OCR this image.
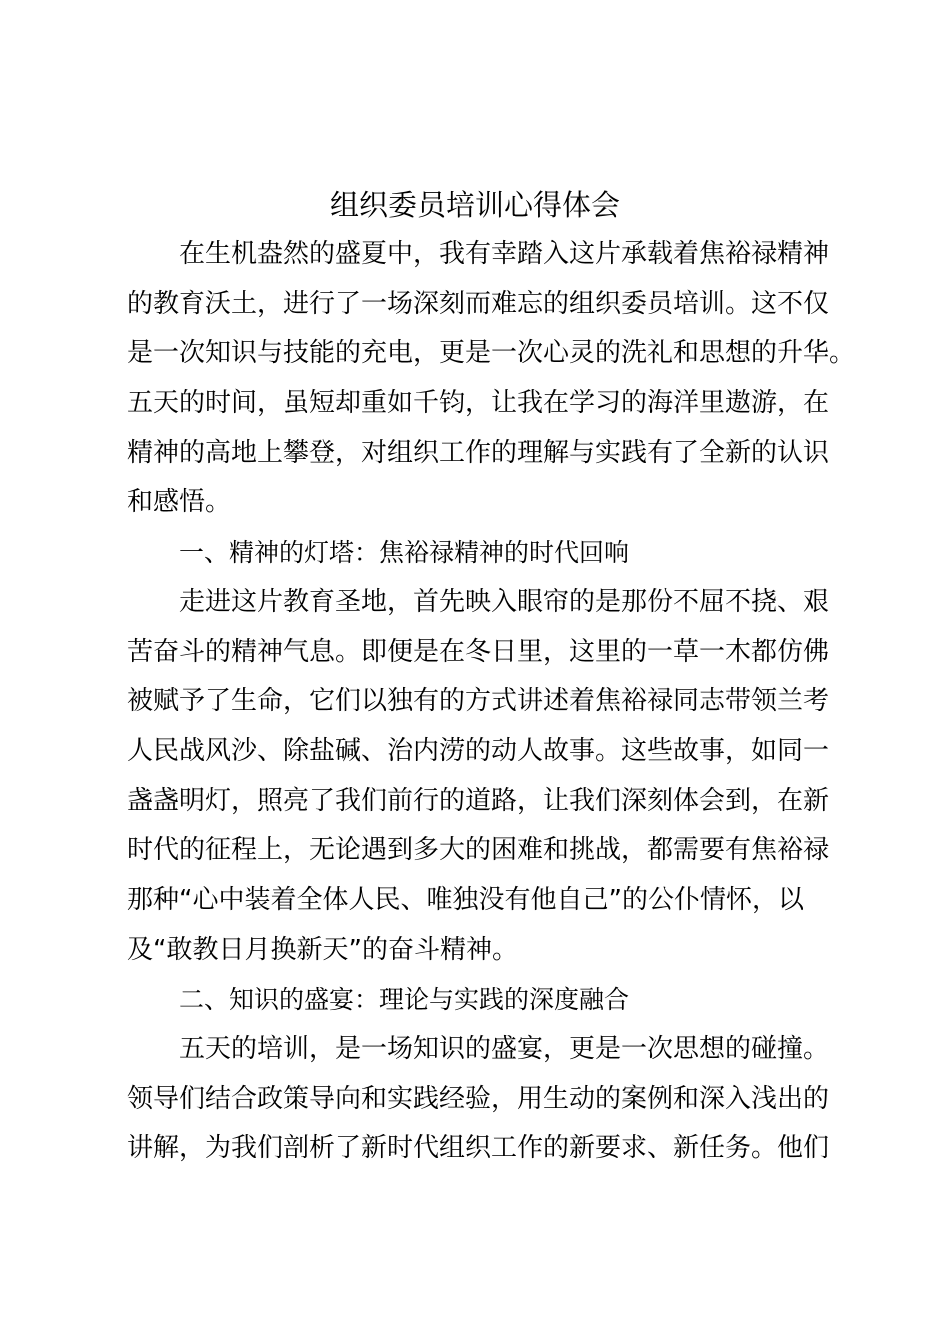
组织委员培训心得体会
在生机盎然的盛夏中，我有幸踏入这片承载着焦裕禄精神
的教育沃土，进行了一场深刻而难忘的组织委员培训。这不仅
是一次知识与技能的充电，更是一次心灵的洗礼和思想的升华。
五天的时间，虽短却重如千钧，让我在学习的海洋里遨游，在
精神的高地上攀登，对组织工作的理解与实践有了全新的认识
和感悟。
一、精神的灯塔：焦裕禄精神的时代回响
走进这片教育圣地，首先映入眼帘的是那份不屈不挠、艰
苦奋斗的精神气息。即便是在冬日里，这里的一草一木都仿佛
被赋予了生命，它们以独有的方式讲述着焦裕禄同志带领兰考
人民战风沙、除盐碱、治内涝的动人故事。这些故事，如同一
盏盏明灯，照亮了我们前行的道路，让我们深刻体会到，在新
时代的征程上，无论遇到多大的困难和挑战，都需要有焦裕禄
那种“心中装着全体人民、唯独没有他自己”的公仆情怀，以
及“敢教日月换新天”的奋斗精神。
二、知识的盛宴：理论与实践的深度融合
五天的培训，是一场知识的盛宴，更是一次思想的碰撞。
领导们结合政策导向和实践经验，用生动的案例和深入浅出的
讲解，为我们剖析了新时代组织工作的新要求、新任务。他们
